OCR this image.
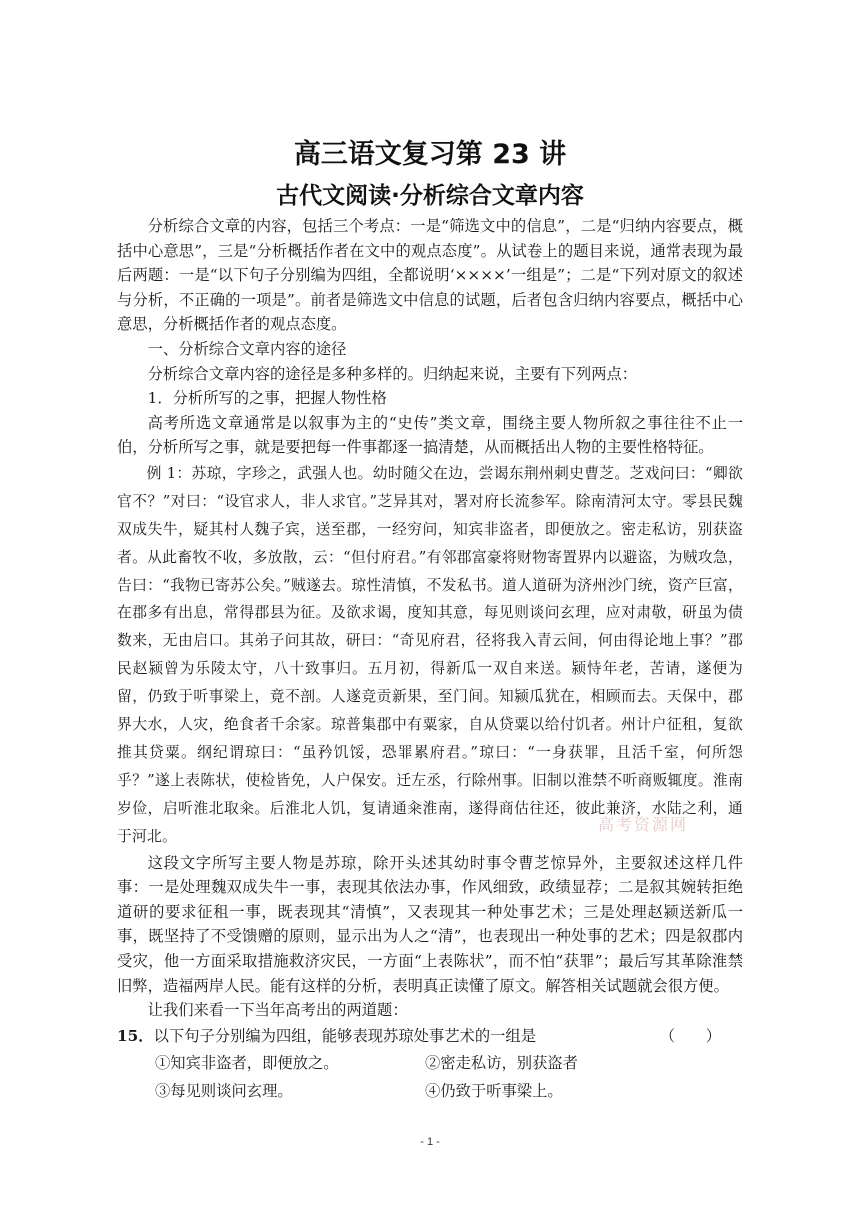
高三语文复习第 23 讲
古代文阅读·分析综合文章内容

分析综合文章的内容，包括三个考点：一是“筛选文中的信息”，二是“归纳内容要点，概括中心意思”，三是“分析概括作者在文中的观点态度”。从试卷上的题目来说，通常表现为最后两题：一是“以下句子分别编为四组，全都说明‘××××’一组是”；二是“下列对原文的叙述与分析，不正确的一项是”。前者是筛选文中信息的试题，后者包含归纳内容要点，概括中心意思，分析概括作者的观点态度。

一、分析综合文章内容的途径

分析综合文章内容的途径是多种多样的。归纳起来说，主要有下列两点：

1．分析所写的之事，把握人物性格

高考所选文章通常是以叙事为主的“史传”类文章，围绕主要人物所叙之事往往不止一伯，分析所写之事，就是要把每一件事都逐一搞清楚，从而概括出人物的主要性格特征。

例 1：苏琼，字珍之，武强人也。幼时随父在边，尝谒东荆州刺史曹芝。芝戏问曰：“卿欲官不？”对曰：“设官求人，非人求官。”芝异其对，署对府长流参军。除南清河太守。零县民魏双成失牛，疑其村人魏子宾，送至郡，一经穷问，知宾非盗者，即便放之。密走私访，别获盗者。从此畜牧不收，多放散，云：“但付府君。”有邻郡富豪将财物寄置界内以避盗，为贼攻急，告曰：“我物已寄苏公矣。”贼遂去。琼性清慎，不发私书。道人道研为济州沙门统，资产巨富，在郡多有出息，常得郡县为征。及欲求谒，度知其意，每见则谈问玄理，应对肃敬，研虽为债数来，无由启口。其弟子问其故，研曰：“奇见府君，径将我入青云间，何由得论地上事？”郡民赵颍曾为乐陵太守，八十致事归。五月初，得新瓜一双自来送。颍恃年老，苦请，遂便为留，仍致于听事梁上，竟不剖。人遂竞贡新果，至门间。知颍瓜犹在，相顾而去。天保中，郡界大水，人灾，绝食者千余家。琼普集郡中有粟家，自从贷粟以给付饥者。州计户征租，复欲推其贷粟。纲纪谓琼曰：“虽矜饥馁，恐罪累府君。”琼曰：“一身获罪，且活千室，何所怨乎？”遂上表陈状，使检皆免，人户保安。迁左丞，行除州事。旧制以淮禁不听商贩辄度。淮南岁俭，启听淮北取籴。后淮北人饥，复请通籴淮南，遂得商估往还，彼此兼济，水陆之利，通于河北。

这段文字所写主要人物是苏琼，除开头述其幼时事令曹芝惊异外，主要叙述这样几件事：一是处理魏双成失牛一事，表现其依法办事，作风细致，政绩显荐；二是叙其婉转拒绝道研的要求征租一事，既表现其“清慎”，又表现其一种处事艺术；三是处理赵颍送新瓜一事，既坚持了不受馈赠的原则，显示出为人之“清”，也表现出一种处事的艺术；四是叙郡内受灾，他一方面采取措施救济灾民，一方面“上表陈状”，而不怕“获罪”；最后写其革除淮禁旧弊，造福两岸人民。能有这样的分析，表明真正读懂了原文。解答相关试题就会很方便。

让我们来看一下当年高考出的两道题：

15．以下句子分别编为四组，能够表现苏琼处事艺术的一组是	（　　）
①知宾非盗者，即便放之。	②密走私访，别获盗者
③每见则谈问玄理。	④仍致于听事梁上。
高考资源网
- 1 -
